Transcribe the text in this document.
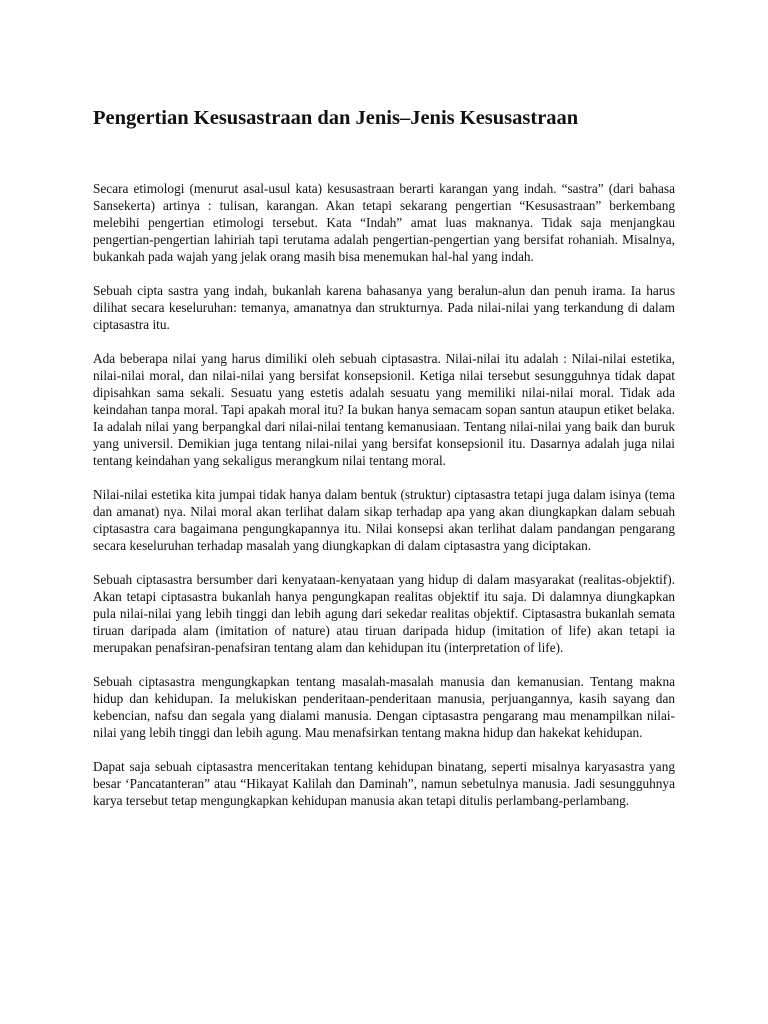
Pengertian Kesusastraan dan Jenis–Jenis Kesusastraan

Secara etimologi (menurut asal-usul kata) kesusastraan berarti karangan yang indah. “sastra” (dari bahasa Sansekerta) artinya : tulisan, karangan. Akan tetapi sekarang pengertian “Kesusastraan” berkembang melebihi pengertian etimologi tersebut. Kata “Indah” amat luas maknanya. Tidak saja menjangkau pengertian-pengertian lahiriah tapi terutama adalah pengertian-pengertian yang bersifat rohaniah. Misalnya, bukankah pada wajah yang jelak orang masih bisa menemukan hal-hal yang indah.

Sebuah cipta sastra yang indah, bukanlah karena bahasanya yang beralun-alun dan penuh irama. Ia harus dilihat secara keseluruhan: temanya, amanatnya dan strukturnya. Pada nilai-nilai yang terkandung di dalam ciptasastra itu.

Ada beberapa nilai yang harus dimiliki oleh sebuah ciptasastra. Nilai-nilai itu adalah : Nilai-nilai estetika, nilai-nilai moral, dan nilai-nilai yang bersifat konsepsionil. Ketiga nilai tersebut sesungguhnya tidak dapat dipisahkan sama sekali. Sesuatu yang estetis adalah sesuatu yang memiliki nilai-nilai moral. Tidak ada keindahan tanpa moral. Tapi apakah moral itu? Ia bukan hanya semacam sopan santun ataupun etiket belaka. Ia adalah nilai yang berpangkal dari nilai-nilai tentang kemanusiaan. Tentang nilai-nilai yang baik dan buruk yang universil. Demikian juga tentang nilai-nilai yang bersifat konsepsionil itu. Dasarnya adalah juga nilai tentang keindahan yang sekaligus merangkum nilai tentang moral.

Nilai-nilai estetika kita jumpai tidak hanya dalam bentuk (struktur) ciptasastra tetapi juga dalam isinya (tema dan amanat) nya. Nilai moral akan terlihat dalam sikap terhadap apa yang akan diungkapkan dalam sebuah ciptasastra cara bagaimana pengungkapannya itu. Nilai konsepsi akan terlihat dalam pandangan pengarang secara keseluruhan terhadap masalah yang diungkapkan di dalam ciptasastra yang diciptakan.

Sebuah ciptasastra bersumber dari kenyataan-kenyataan yang hidup di dalam masyarakat (realitas-objektif). Akan tetapi ciptasastra bukanlah hanya pengungkapan realitas objektif itu saja. Di dalamnya diungkapkan pula nilai-nilai yang lebih tinggi dan lebih agung dari sekedar realitas objektif. Ciptasastra bukanlah semata tiruan daripada alam (imitation of nature) atau tiruan daripada hidup (imitation of life) akan tetapi ia merupakan penafsiran-penafsiran tentang alam dan kehidupan itu (interpretation of life).

Sebuah ciptasastra mengungkapkan tentang masalah-masalah manusia dan kemanusian. Tentang makna hidup dan kehidupan. Ia melukiskan penderitaan-penderitaan manusia, perjuangannya, kasih sayang dan kebencian, nafsu dan segala yang dialami manusia. Dengan ciptasastra pengarang mau menampilkan nilai-nilai yang lebih tinggi dan lebih agung. Mau menafsirkan tentang makna hidup dan hakekat kehidupan.

Dapat saja sebuah ciptasastra menceritakan tentang kehidupan binatang, seperti misalnya karyasastra yang besar ‘Pancatanteran” atau “Hikayat Kalilah dan Daminah”, namun sebetulnya manusia. Jadi sesungguhnya karya tersebut tetap mengungkapkan kehidupan manusia akan tetapi ditulis perlambang-perlambang.
